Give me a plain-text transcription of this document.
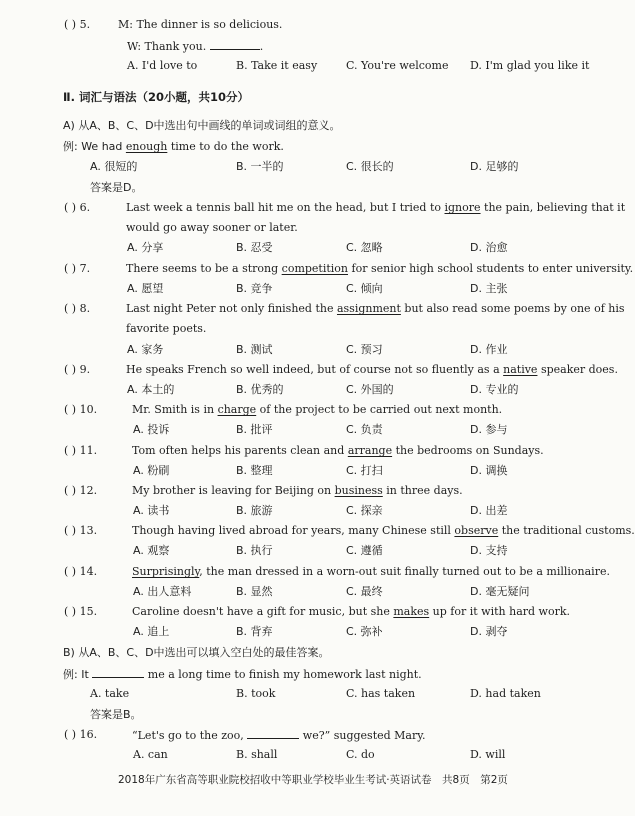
( ) 5.	M: The dinner is so delicious.
W: Thank you.	.
A. I'd love to	B. Take it easy	C. You're welcome D. I'm glad you like it
Ⅱ. 词汇与语法（20小题，共10分）
A) 从A、B、C、D中选出句中画线的单词或词组的意义。
例: We had enough time to do the work.
A. 很短的	B. 一半的	C. 很长的	D. 足够的
答案是D。
( ) 6.	Last week a tennis ball hit me on the head, but I tried to ignore the pain, believing that it
would go away sooner or later.
A. 分享	B. 忍受	C. 忽略	D. 治愈
( ) 7.	There seems to be a strong competition for senior high school students to enter university.
A. 愿望	B. 竞争	C. 倾向	D. 主张
( ) 8.	Last night Peter not only finished the assignment but also read some poems by one of his
favorite poets.
A. 家务	B. 测试	C. 预习	D. 作业
( ) 9.	He speaks French so well indeed, but of course not so fluently as a native speaker does.
A. 本土的	B. 优秀的	C. 外国的	D. 专业的
( ) 10.	Mr. Smith is in charge of the project to be carried out next month.
A. 投诉	B. 批评	C. 负责	D. 参与
( ) 11.	Tom often helps his parents clean and arrange the bedrooms on Sundays.
A. 粉刷	B. 整理	C. 打扫	D. 调换
( ) 12.	My brother is leaving for Beijing on business in three days.
A. 读书	B. 旅游	C. 探亲	D. 出差
( ) 13.	Though having lived abroad for years, many Chinese still observe the traditional customs.
A. 观察	B. 执行	C. 遵循	D. 支持
( ) 14.	Surprisingly, the man dressed in a worn-out suit finally turned out to be a millionaire.
A. 出人意料	B. 显然	C. 最终	D. 毫无疑问
( ) 15.	Caroline doesn't have a gift for music, but she makes up for it with hard work.
A. 追上	B. 背弃	C. 弥补	D. 剥夺
B) 从A、B、C、D中选出可以填入空白处的最佳答案。
例: It	me a long time to finish my homework last night.
A. take	B. took	C. has taken	D. had taken
答案是B。
( ) 16.	“Let's go to the zoo,	we?” suggested Mary.
A. can	B. shall	C. do	D. will
2018年广东省高等职业院校招收中等职业学校毕业生考试·英语试卷　共8页　第2页
